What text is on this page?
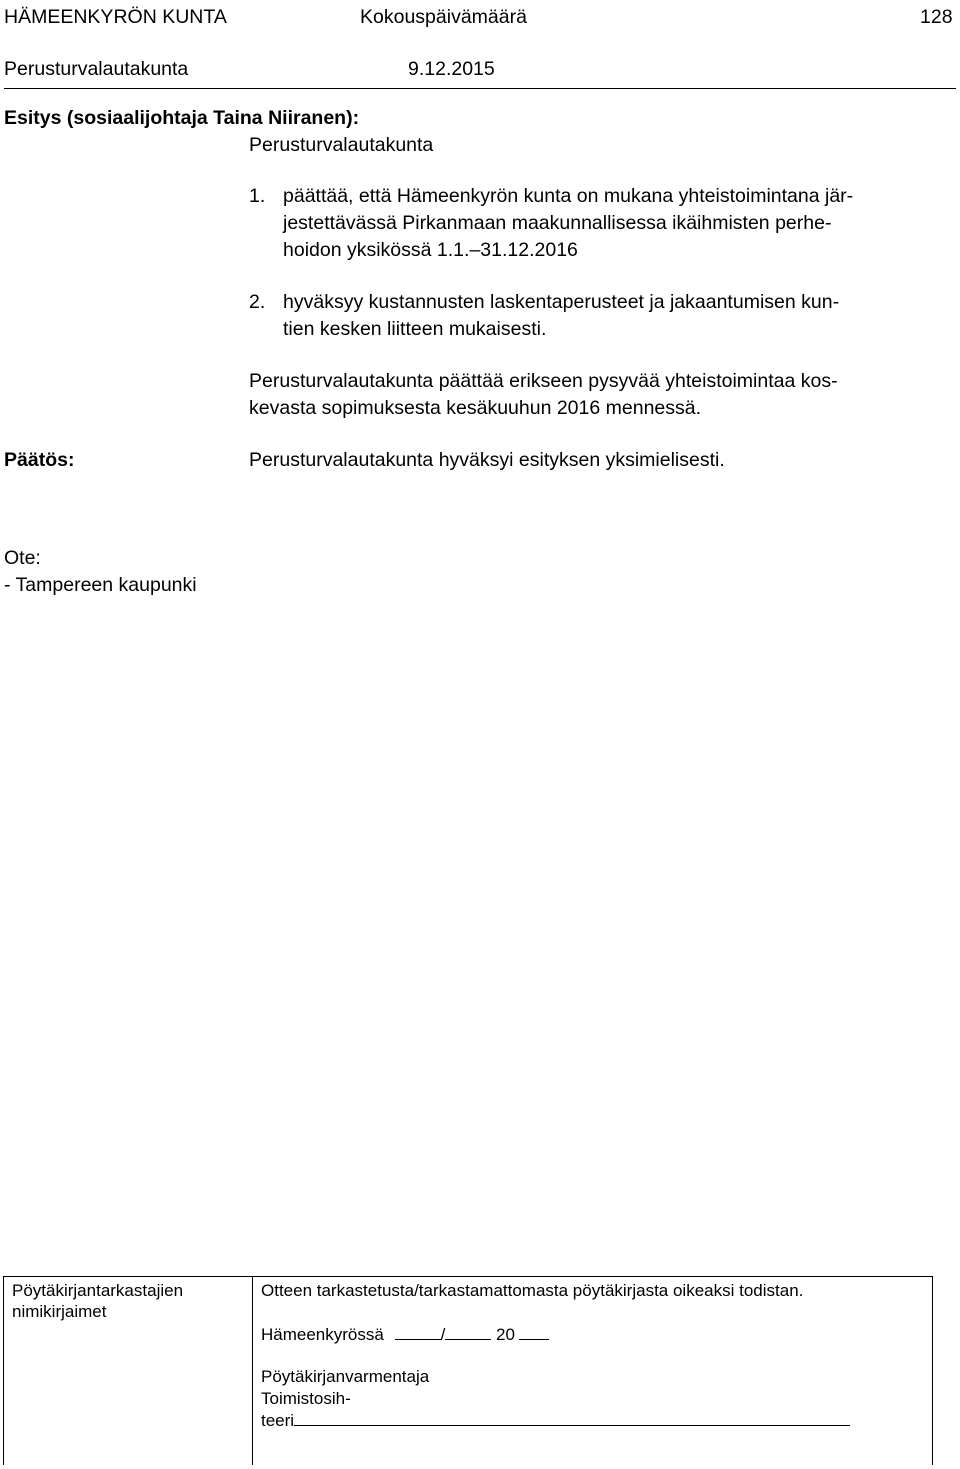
HÄMEENKYRÖN KUNTA	Kokouspäivämäärä	128
Perusturvalautakunta	9.12.2015
Esitys (sosiaalijohtaja Taina Niiranen):
Perusturvalautakunta
1. päättää, että Hämeenkyrön kunta on mukana yhteistoimintana jär-
jestettävässä Pirkanmaan maakunnallisessa ikäihmisten perhe-
hoidon yksikössä 1.1.–31.12.2016
2. hyväksyy kustannusten laskentaperusteet ja jakaantumisen kun-
tien kesken liitteen mukaisesti.
Perusturvalautakunta päättää erikseen pysyvää yhteistoimintaa kos-
kevasta sopimuksesta kesäkuuhun 2016 mennessä.
Päätös:	Perusturvalautakunta hyväksyi esityksen yksimielisesti.
Ote:
- Tampereen kaupunki
Pöytäkirjantarkastajien
nimikirjaimet
Otteen tarkastetusta/tarkastamattomasta pöytäkirjasta oikeaksi todistan.
Hämeenkyrössä	/	20
Pöytäkirjanvarmentaja
Toimistosih-
teeri
